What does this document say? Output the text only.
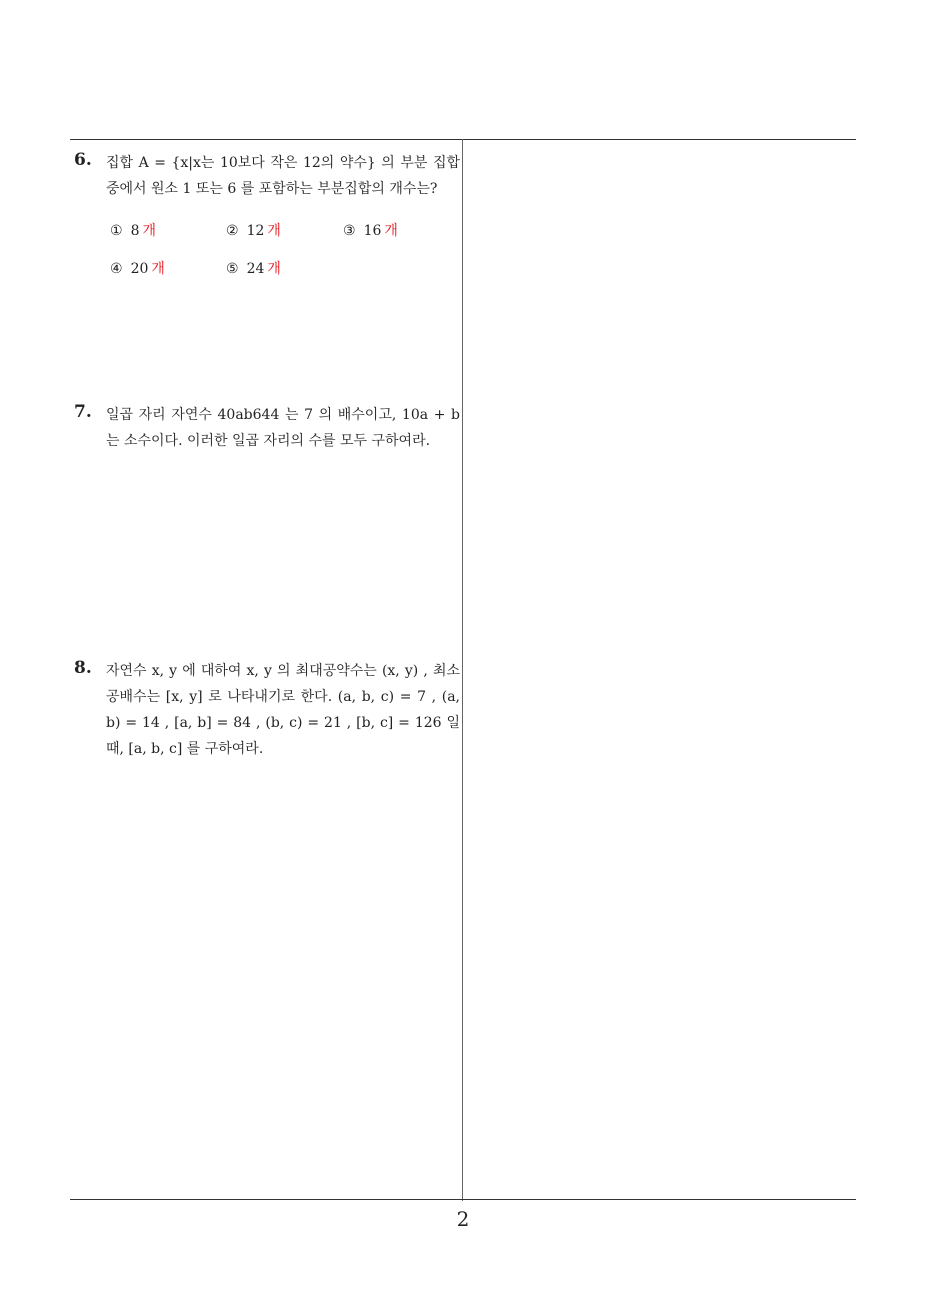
6. 집합 A = {x|x는 10보다 작은 12의 약수} 의 부분 집합 중에서 원소 1 또는 6 를 포함하는 부분집합의 개수는?
① 8 개	② 12 개	③ 16 개
④ 20 개	⑤ 24 개
7. 일곱 자리 자연수 40ab644 는 7 의 배수이고, 10a + b 는 소수이다. 이러한 일곱 자리의 수를 모두 구하여라.
8. 자연수 x, y 에 대하여 x, y 의 최대공약수는 (x, y) , 최소공배수는 [x, y] 로 나타내기로 한다. (a, b, c) = 7 , (a, b) = 14 , [a, b] = 84 , (b, c) = 21 , [b, c] = 126 일 때, [a, b, c] 를 구하여라.
2
